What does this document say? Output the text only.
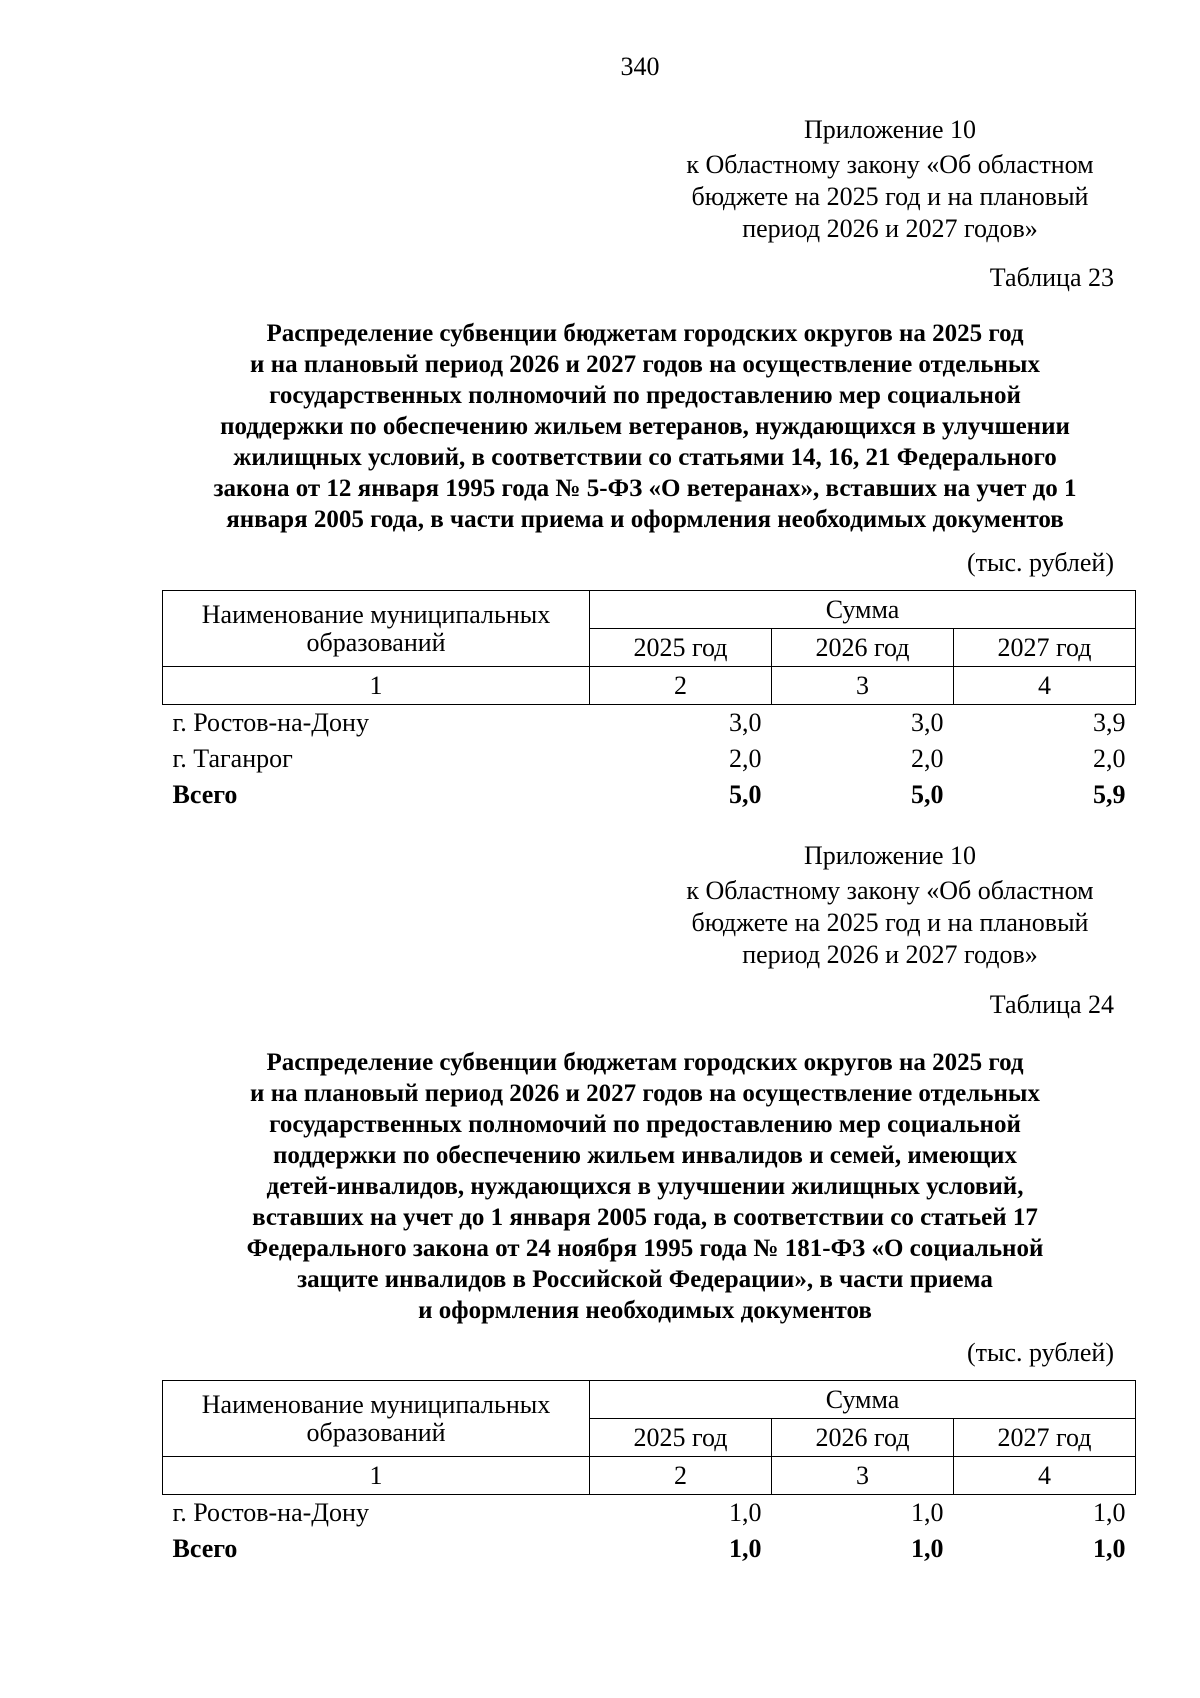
340
Приложение 10
к Областному закону «Об областном
бюджете на 2025 год и на плановый
период 2026 и 2027 годов»
Таблица 23
Распределение субвенции бюджетам городских округов на 2025 год
и на плановый период 2026 и 2027 годов на осуществление отдельных
государственных полномочий по предоставлению мер социальной
поддержки по обеспечению жильем ветеранов, нуждающихся в улучшении
жилищных условий, в соответствии со статьями 14, 16, 21 Федерального
закона от 12 января 1995 года № 5-ФЗ «О ветеранах», вставших на учет до 1
января 2005 года, в части приема и оформления необходимых документов
(тыс. рублей)
Наименование муниципальных
образований	Сумма		
	2025 год	2026 год	2027 год
1	2	3	4
г. Ростов-на-Дону	3,0	3,0	3,9
г. Таганрог	2,0	2,0	2,0
Всего	5,0	5,0	5,9
Приложение 10
к Областному закону «Об областном
бюджете на 2025 год и на плановый
период 2026 и 2027 годов»
Таблица 24
Распределение субвенции бюджетам городских округов на 2025 год
и на плановый период 2026 и 2027 годов на осуществление отдельных
государственных полномочий по предоставлению мер социальной
поддержки по обеспечению жильем инвалидов и семей, имеющих
детей-инвалидов, нуждающихся в улучшении жилищных условий,
вставших на учет до 1 января 2005 года, в соответствии со статьей 17
Федерального закона от 24 ноября 1995 года № 181-ФЗ «О социальной
защите инвалидов в Российской Федерации», в части приема
и оформления необходимых документов
(тыс. рублей)
Наименование муниципальных
образований	Сумма		
	2025 год	2026 год	2027 год
1	2	3	4
г. Ростов-на-Дону	1,0	1,0	1,0
Всего	1,0	1,0	1,0
